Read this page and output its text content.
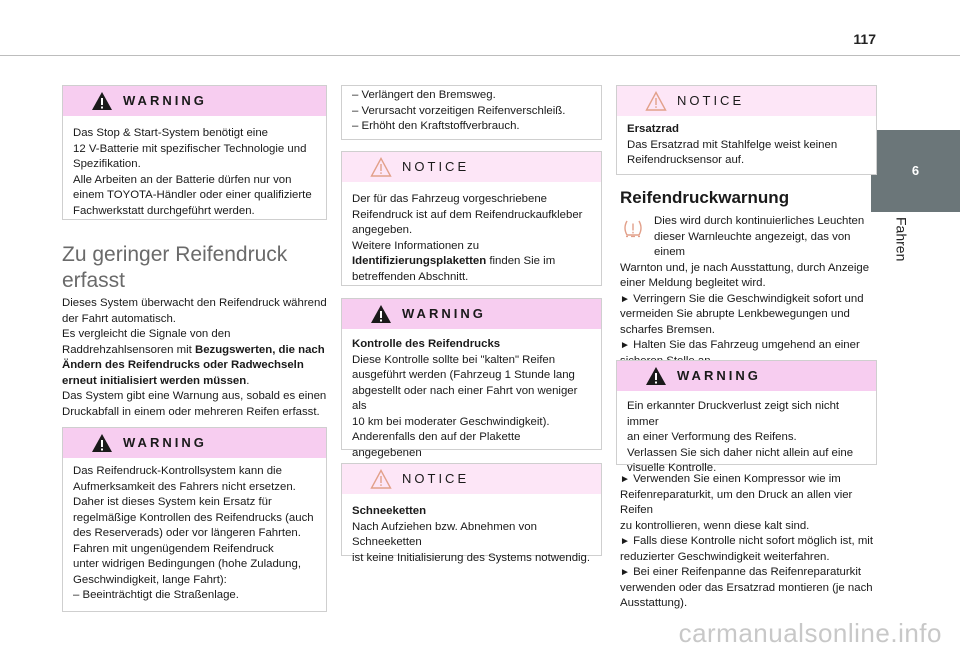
117
6
Fahren
WARNING
Das Stop & Start-System benötigt eine
12 V-Batterie mit spezifischer Technologie und
Spezifikation.
Alle Arbeiten an der Batterie dürfen nur von
einem TOYOTA-Händler oder einer qualifizierte
Fachwerkstatt durchgeführt werden.
Zu geringer Reifendruck
erfasst
Dieses System überwacht den Reifendruck während
der Fahrt automatisch.
Es vergleicht die Signale von den
Raddrehzahlsensoren mit Bezugswerten, die nach
Ändern des Reifendrucks oder Radwechseln
erneut initialisiert werden müssen.
Das System gibt eine Warnung aus, sobald es einen
Druckabfall in einem oder mehreren Reifen erfasst.
WARNING
Das Reifendruck-Kontrollsystem kann die
Aufmerksamkeit des Fahrers nicht ersetzen.
Daher ist dieses System kein Ersatz für
regelmäßige Kontrollen des Reifendrucks (auch
des Reserverads) oder vor längeren Fahrten.
Fahren mit ungenügendem Reifendruck
unter widrigen Bedingungen (hohe Zuladung,
Geschwindigkeit, lange Fahrt):
– Beeinträchtigt die Straßenlage.
– Verlängert den Bremsweg.
– Verursacht vorzeitigen Reifenverschleiß.
– Erhöht den Kraftstoffverbrauch.
NOTICE
Der für das Fahrzeug vorgeschriebene
Reifendruck ist auf dem Reifendruckaufkleber
angegeben.
Weitere Informationen zu
Identifizierungsplaketten finden Sie im
betreffenden Abschnitt.
WARNING
Kontrolle des Reifendrucks
Diese Kontrolle sollte bei "kalten" Reifen
ausgeführt werden (Fahrzeug 1 Stunde lang
abgestellt oder nach einer Fahrt von weniger als
10 km bei moderater Geschwindigkeit).
Anderenfalls den auf der Plakette angegebenen
NOTICE
Schneeketten
Nach Aufziehen bzw. Abnehmen von Schneeketten
ist keine Initialisierung des Systems notwendig.
NOTICE
Ersatzrad
Das Ersatzrad mit Stahlfelge weist keinen
Reifendrucksensor auf.
Reifendruckwarnung
Dies wird durch kontinuierliches Leuchten
dieser Warnleuchte angezeigt, das von einem
Warnton und, je nach Ausstattung, durch Anzeige
einer Meldung begleitet wird.
► Verringern Sie die Geschwindigkeit sofort und
vermeiden Sie abrupte Lenkbewegungen und
scharfes Bremsen.
► Halten Sie das Fahrzeug umgehend an einer
WARNING
Ein erkannter Druckverlust zeigt sich nicht immer
an einer Verformung des Reifens.
Verlassen Sie sich daher nicht allein auf eine
visuelle Kontrolle.
► Verwenden Sie einen Kompressor wie im
Reifenreparaturkit, um den Druck an allen vier Reifen
zu kontrollieren, wenn diese kalt sind.
► Falls diese Kontrolle nicht sofort möglich ist, mit
reduzierter Geschwindigkeit weiterfahren.
► Bei einer Reifenpanne das Reifenreparaturkit
verwenden oder das Ersatzrad montieren (je nach
Ausstattung).
carmanualsonline.info
